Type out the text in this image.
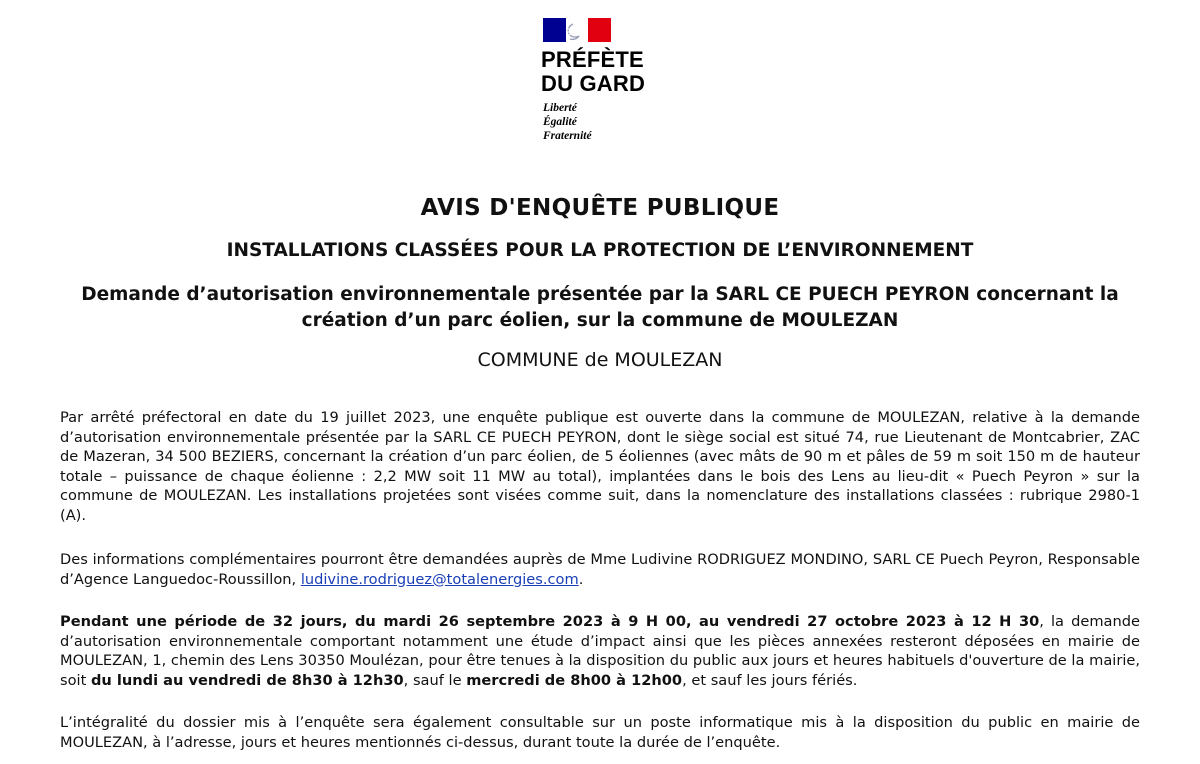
PRÉFÈTE
DU GARD
Liberté
Égalité
Fraternité
AVIS D'ENQUÊTE PUBLIQUE
INSTALLATIONS CLASSÉES POUR LA PROTECTION DE L’ENVIRONNEMENT
Demande d’autorisation environnementale présentée par la SARL CE PUECH PEYRON concernant la création d’un parc éolien, sur la commune de MOULEZAN
COMMUNE de MOULEZAN

Par arrêté préfectoral en date du 19 juillet 2023, une enquête publique est ouverte dans la commune de MOULEZAN, relative à la demande d’autorisation environnementale présentée par la SARL CE PUECH PEYRON, dont le siège social est situé 74, rue Lieutenant de Montcabrier, ZAC de Mazeran, 34 500 BEZIERS, concernant la création d’un parc éolien, de 5 éoliennes (avec mâts de 90 m et pâles de 59 m soit 150 m de hauteur totale – puissance de chaque éolienne : 2,2 MW soit 11 MW au total), implantées dans le bois des Lens au lieu-dit « Puech Peyron » sur la commune de MOULEZAN. Les installations projetées sont visées comme suit, dans la nomenclature des installations classées : rubrique 2980-1 (A).

Des informations complémentaires pourront être demandées auprès de Mme Ludivine RODRIGUEZ MONDINO, SARL CE Puech Peyron, Responsable d’Agence Languedoc-Roussillon, ludivine.rodriguez@totalenergies.com.

Pendant une période de 32 jours, du mardi 26 septembre 2023 à 9 H 00, au vendredi 27 octobre 2023 à 12 H 30, la demande d’autorisation environnementale comportant notamment une étude d’impact ainsi que les pièces annexées resteront déposées en mairie de MOULEZAN, 1, chemin des Lens 30350 Moulézan, pour être tenues à la disposition du public aux jours et heures habituels d'ouverture de la mairie, soit du lundi au vendredi de 8h30 à 12h30, sauf le mercredi de 8h00 à 12h00, et sauf les jours fériés.

L’intégralité du dossier mis à l’enquête sera également consultable sur un poste informatique mis à la disposition du public en mairie de MOULEZAN, à l’adresse, jours et heures mentionnés ci-dessus, durant toute la durée de l’enquête.
